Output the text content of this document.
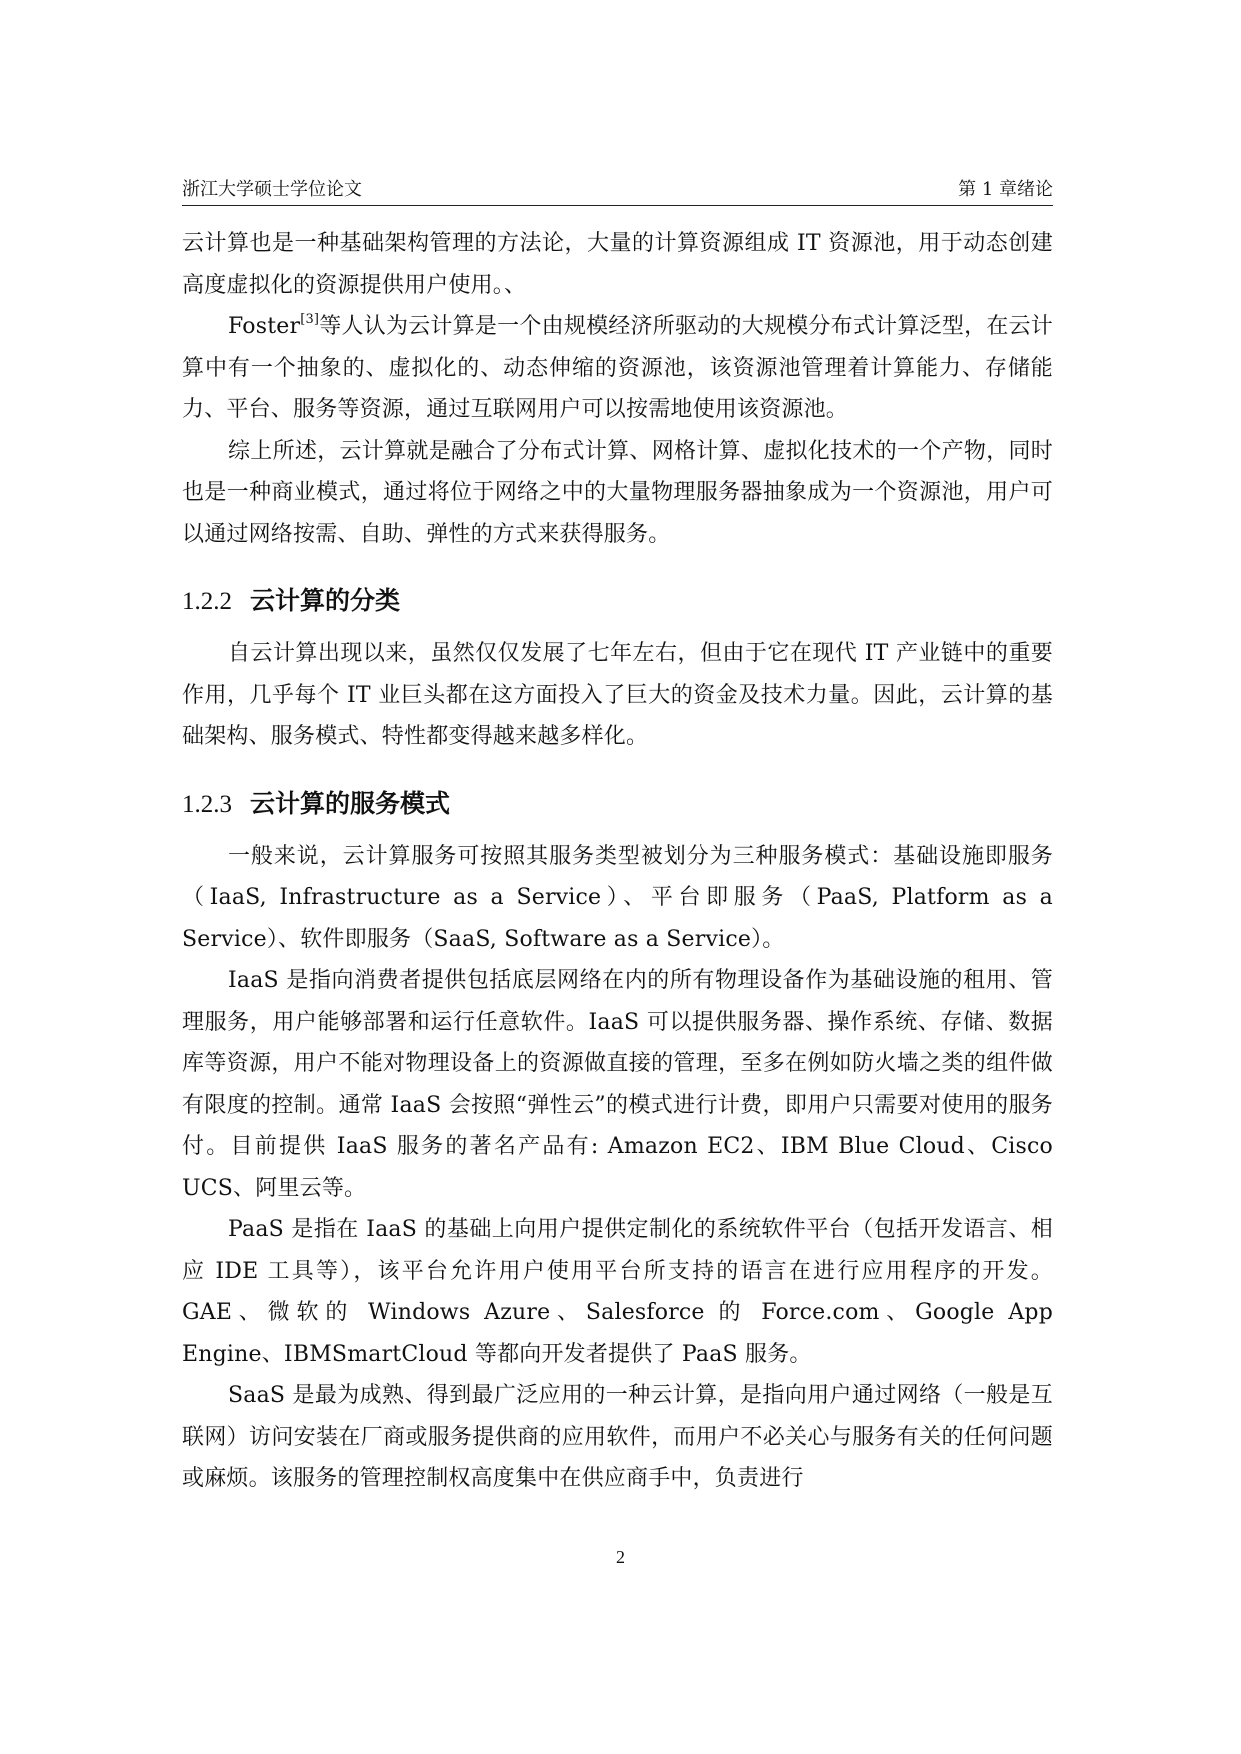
浙江大学硕士学位论文	第 1 章绪论

云计算也是一种基础架构管理的方法论，大量的计算资源组成 IT 资源池，用于动态创建高度虚拟化的资源提供用户使用。、

Foster[3]等人认为云计算是一个由规模经济所驱动的大规模分布式计算泛型，在云计算中有一个抽象的、虚拟化的、动态伸缩的资源池，该资源池管理着计算能力、存储能力、平台、服务等资源，通过互联网用户可以按需地使用该资源池。

综上所述，云计算就是融合了分布式计算、网格计算、虚拟化技术的一个产物，同时也是一种商业模式，通过将位于网络之中的大量物理服务器抽象成为一个资源池，用户可以通过网络按需、自助、弹性的方式来获得服务。

1.2.2 云计算的分类

自云计算出现以来，虽然仅仅发展了七年左右，但由于它在现代 IT 产业链中的重要作用，几乎每个 IT 业巨头都在这方面投入了巨大的资金及技术力量。因此，云计算的基础架构、服务模式、特性都变得越来越多样化。

1.2.3 云计算的服务模式

一般来说，云计算服务可按照其服务类型被划分为三种服务模式：基础设施即服务（IaaS, Infrastructure as a Service）、平台即服务（PaaS, Platform as a Service）、软件即服务（SaaS, Software as a Service）。

IaaS 是指向消费者提供包括底层网络在内的所有物理设备作为基础设施的租用、管理服务，用户能够部署和运行任意软件。IaaS 可以提供服务器、操作系统、存储、数据库等资源，用户不能对物理设备上的资源做直接的管理，至多在例如防火墙之类的组件做有限度的控制。通常 IaaS 会按照“弹性云”的模式进行计费，即用户只需要对使用的服务付。目前提供 IaaS 服务的著名产品有: Amazon EC2、IBM Blue Cloud、Cisco UCS、阿里云等。

PaaS 是指在 IaaS 的基础上向用户提供定制化的系统软件平台（包括开发语言、相应 IDE 工具等），该平台允许用户使用平台所支持的语言在进行应用程序的开发。GAE、微软的 Windows Azure、Salesforce 的 Force.com、Google App Engine、IBMSmartCloud 等都向开发者提供了 PaaS 服务。

SaaS 是最为成熟、得到最广泛应用的一种云计算，是指向用户通过网络（一般是互联网）访问安装在厂商或服务提供商的应用软件，而用户不必关心与服务有关的任何问题或麻烦。该服务的管理控制权高度集中在供应商手中，负责进行

2
